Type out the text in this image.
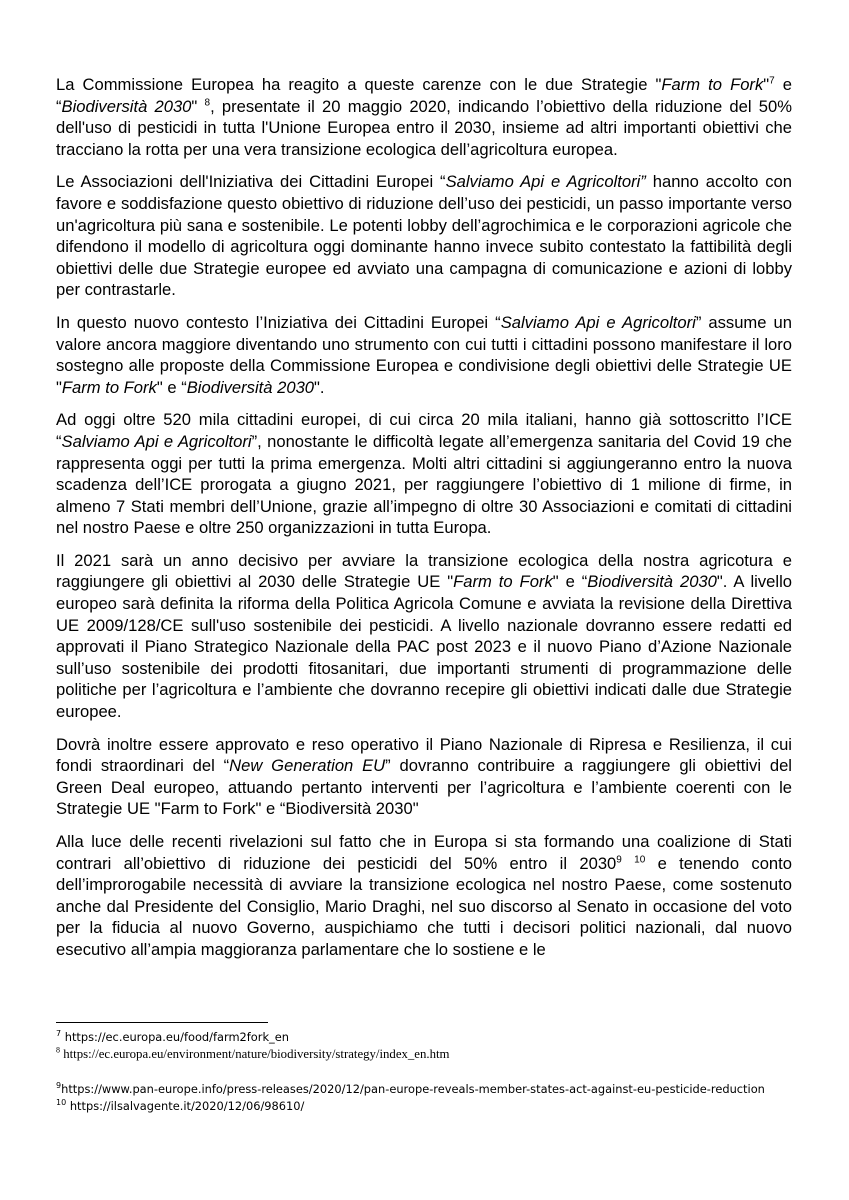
La Commissione Europea ha reagito a queste carenze con le due Strategie "Farm to Fork"$^7$ e “Biodiversità 2030" $^8$, presentate il 20 maggio 2020, indicando l’obiettivo della riduzione del 50% dell'uso di pesticidi in tutta l'Unione Europea entro il 2030, insieme ad altri importanti obiettivi che tracciano la rotta per una vera transizione ecologica dell’agricoltura europea.

Le Associazioni dell'Iniziativa dei Cittadini Europei “Salviamo Api e Agricoltori” hanno accolto con favore e soddisfazione questo obiettivo di riduzione dell’uso dei pesticidi, un passo importante verso un'agricoltura più sana e sostenibile. Le potenti lobby dell’agrochimica e le corporazioni agricole che difendono il modello di agricoltura oggi dominante hanno invece subito contestato la fattibilità degli obiettivi delle due Strategie europee ed avviato una campagna di comunicazione e azioni di lobby per contrastarle.

In questo nuovo contesto l’Iniziativa dei Cittadini Europei “Salviamo Api e Agricoltori” assume un valore ancora maggiore diventando uno strumento con cui tutti i cittadini possono manifestare il loro sostegno alle proposte della Commissione Europea e condivisione degli obiettivi delle Strategie UE "Farm to Fork" e “Biodiversità 2030".

Ad oggi oltre 520 mila cittadini europei, di cui circa 20 mila italiani, hanno già sottoscritto l’ICE “Salviamo Api e Agricoltori”, nonostante le difficoltà legate all’emergenza sanitaria del Covid 19 che rappresenta oggi per tutti la prima emergenza. Molti altri cittadini si aggiungeranno entro la nuova scadenza dell’ICE prorogata a giugno 2021, per raggiungere l’obiettivo di 1 milione di firme, in almeno 7 Stati membri dell’Unione, grazie all’impegno di oltre 30 Associazioni e comitati di cittadini nel nostro Paese e oltre 250 organizzazioni in tutta Europa.

Il 2021 sarà un anno decisivo per avviare la transizione ecologica della nostra agricotura e raggiungere gli obiettivi al 2030 delle Strategie UE "Farm to Fork" e “Biodiversità 2030". A livello europeo sarà definita la riforma della Politica Agricola Comune e avviata la revisione della Direttiva UE 2009/128/CE sull'uso sostenibile dei pesticidi. A livello nazionale dovranno essere redatti ed approvati il Piano Strategico Nazionale della PAC post 2023 e il nuovo Piano d’Azione Nazionale sull’uso sostenibile dei prodotti fitosanitari, due importanti strumenti di programmazione delle politiche per l’agricoltura e l’ambiente che dovranno recepire gli obiettivi indicati dalle due Strategie europee.

Dovrà inoltre essere approvato e reso operativo il Piano Nazionale di Ripresa e Resilienza, il cui fondi straordinari del “New Generation EU” dovranno contribuire a raggiungere gli obiettivi del Green Deal europeo, attuando pertanto interventi per l’agricoltura e l’ambiente coerenti con le Strategie UE "Farm to Fork" e “Biodiversità 2030"

Alla luce delle recenti rivelazioni sul fatto che in Europa si sta formando una coalizione di Stati contrari all’obiettivo di riduzione dei pesticidi del 50% entro il 2030$^9$ $^{10}$ e tenendo conto dell’improrogabile necessità di avviare la transizione ecologica nel nostro Paese, come sostenuto anche dal Presidente del Consiglio, Mario Draghi, nel suo discorso al Senato in occasione del voto per la fiducia al nuovo Governo, auspichiamo che tutti i decisori politici nazionali, dal nuovo esecutivo all’ampia maggioranza parlamentare che lo sostiene e le

$^7$ https://ec.europa.eu/food/farm2fork_en

$^8$ https://ec.europa.eu/environment/nature/biodiversity/strategy/index_en.htm

$^9$https://www.pan-europe.info/press-releases/2020/12/pan-europe-reveals-member-states-act-against-eu-pesticide-reduction

$^{10}$ https://ilsalvagente.it/2020/12/06/98610/
